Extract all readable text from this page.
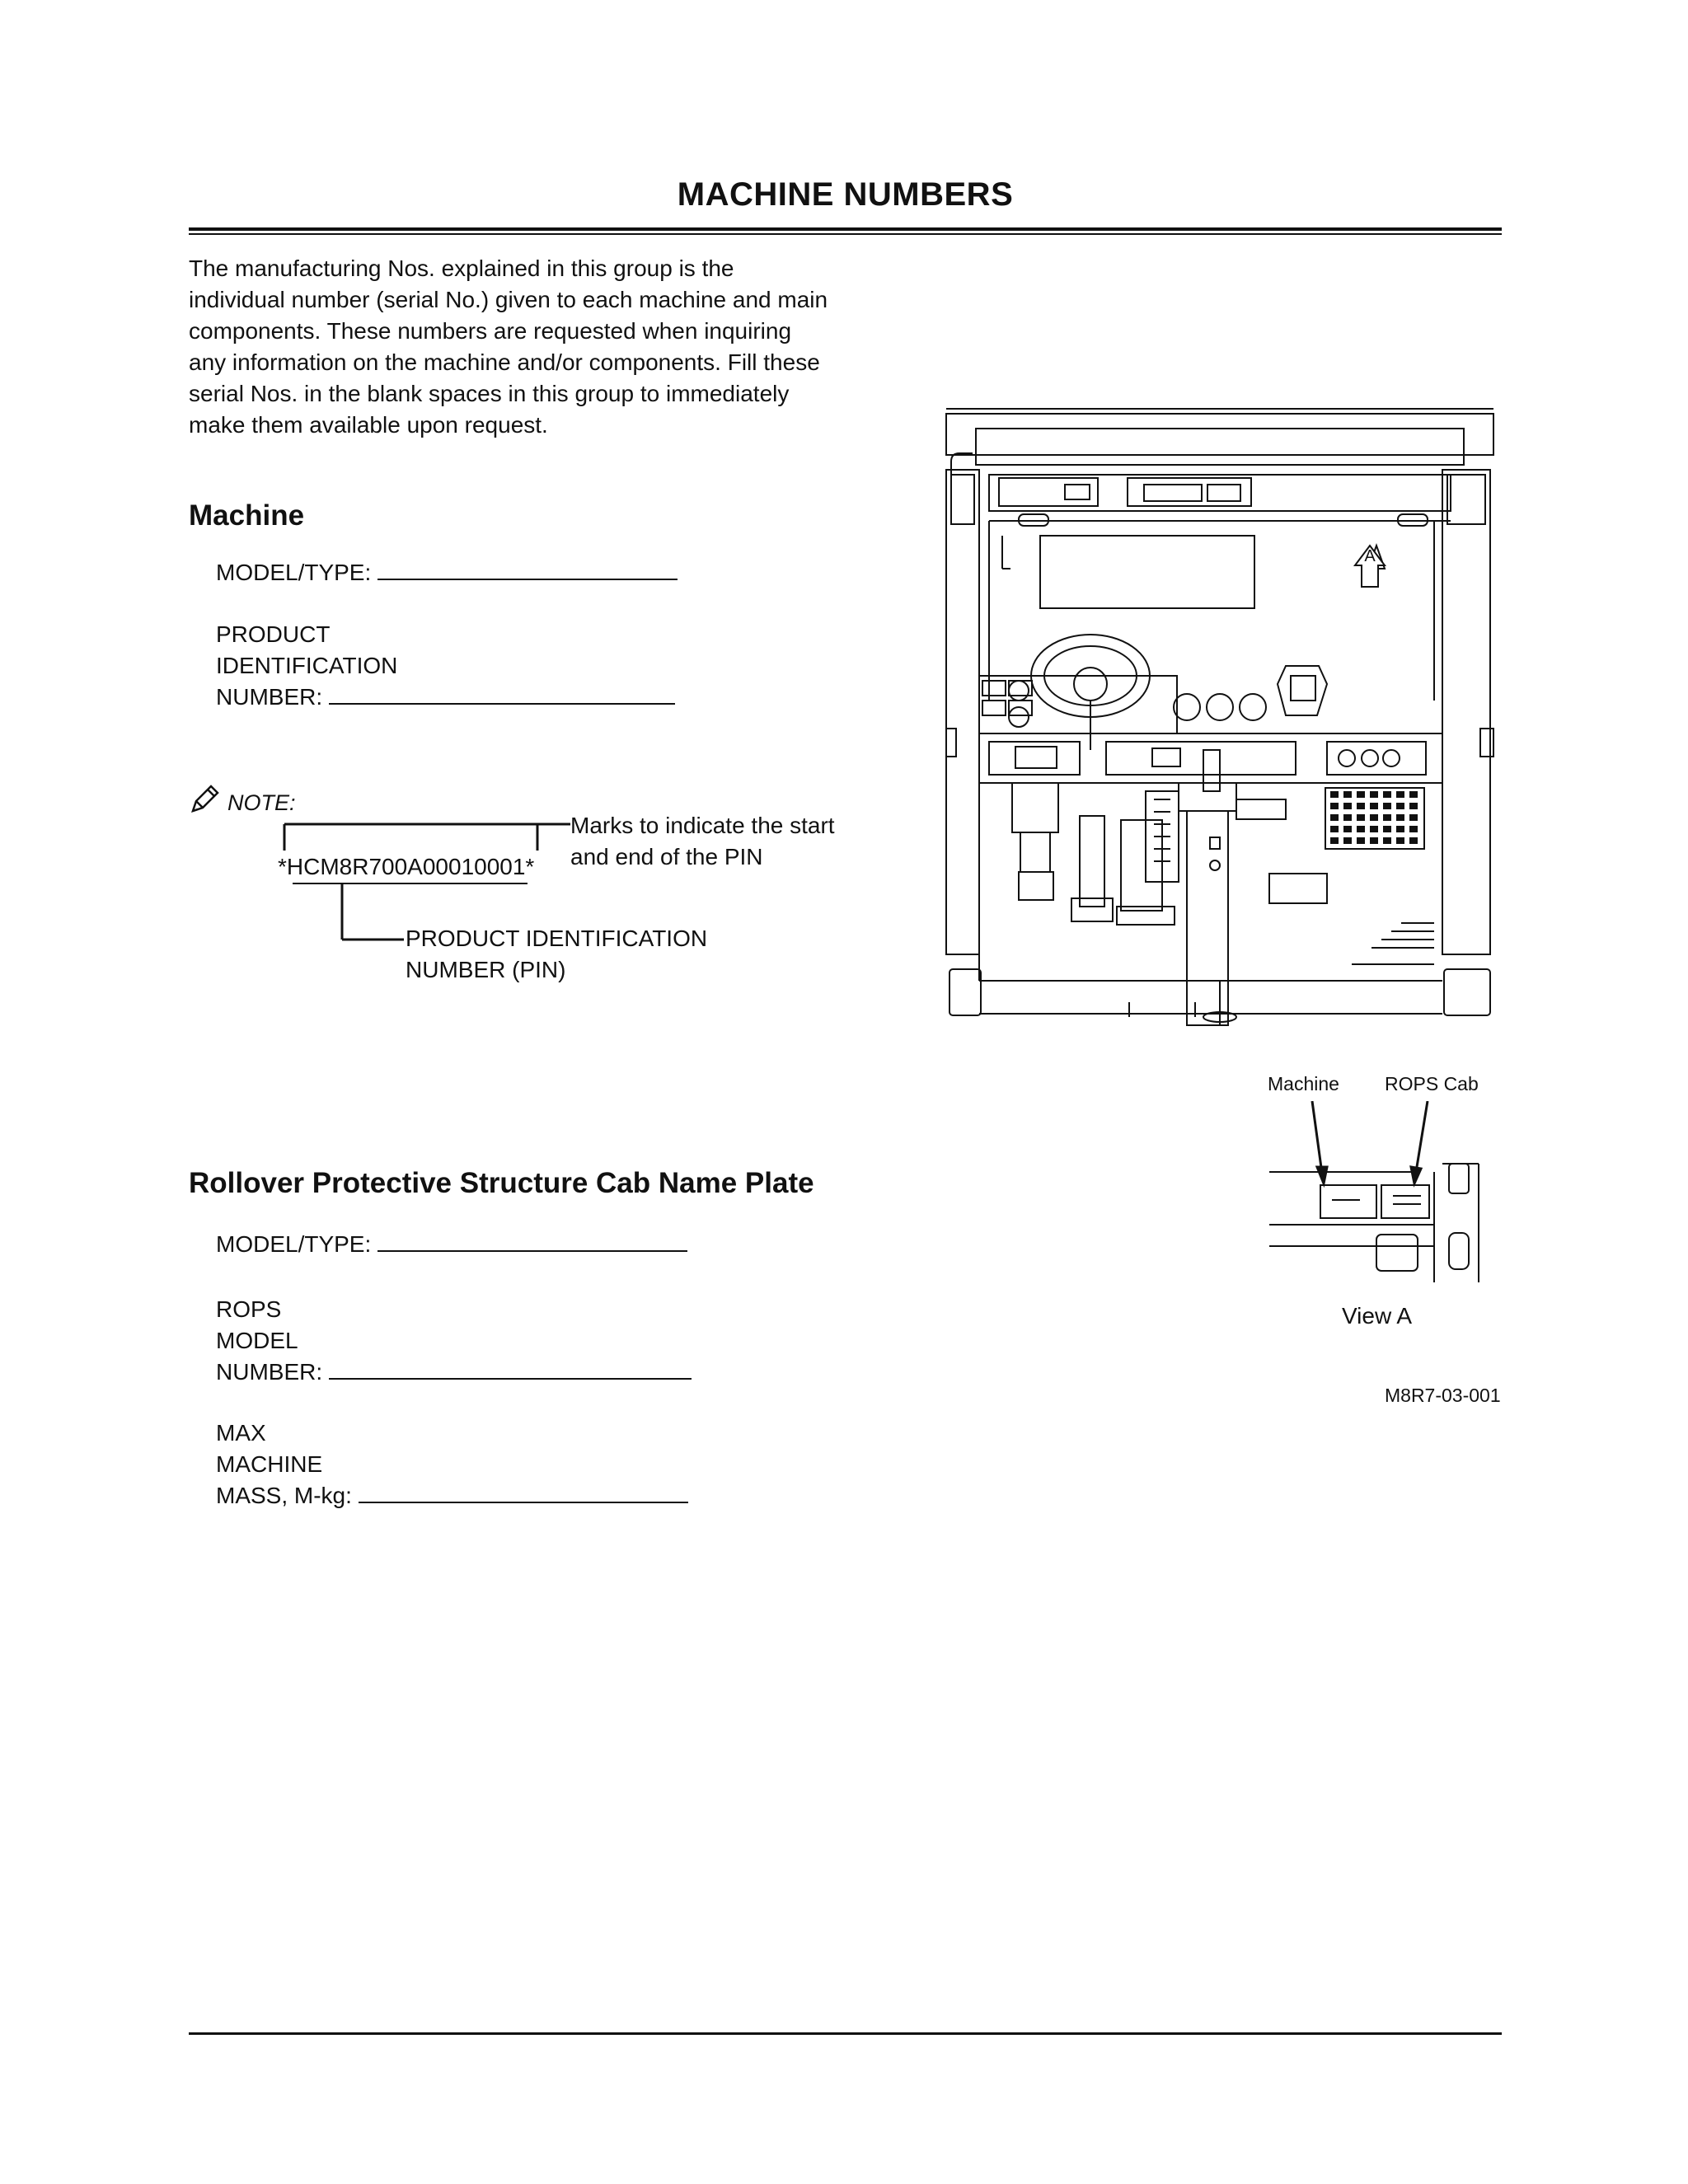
MACHINE NUMBERS
The manufacturing Nos. explained in this group is the
individual number (serial No.) given to each machine and main
components. These numbers are requested when inquiring
any information on the machine and/or components. Fill these
serial Nos. in the blank spaces in this group to immediately
make them available upon request.
Machine
MODEL/TYPE:
PRODUCT
IDENTIFICATION
NUMBER:
NOTE:
*HCM8R700A00010001*
Marks to indicate the start
and end of the PIN
PRODUCT IDENTIFICATION
NUMBER (PIN)
Rollover Protective Structure Cab Name Plate
MODEL/TYPE:
ROPS
MODEL
NUMBER:
MAX
MACHINE
MASS, M-kg:
A
Machine ROPS Cab
View A
M8R7-03-001
